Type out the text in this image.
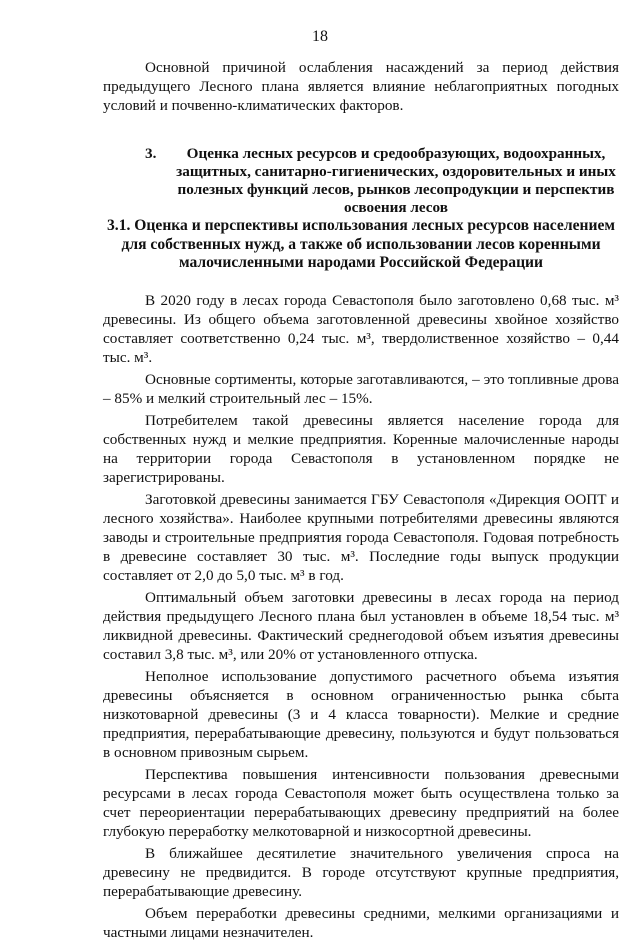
18

Основной причиной ослабления насаждений за период действия предыдущего Лесного плана является влияние неблагоприятных погодных условий и почвенно-климатических факторов.

3.	Оценка лесных ресурсов и средообразующих, водоохранных, защитных, санитарно-гигиенических, оздоровительных и иных полезных функций лесов, рынков лесопродукции и перспектив освоения лесов
3.1. Оценка и перспективы использования лесных ресурсов населением для собственных нужд, а также об использовании лесов коренными малочисленными народами Российской Федерации

В 2020 году в лесах города Севастополя было заготовлено 0,68 тыс. м³ древесины. Из общего объема заготовленной древесины хвойное хозяйство составляет соответственно 0,24 тыс. м³, твердолиственное хозяйство – 0,44 тыс. м³.

Основные сортименты, которые заготавливаются, – это топливные дрова – 85% и мелкий строительный лес – 15%.

Потребителем такой древесины является население города для собственных нужд и мелкие предприятия. Коренные малочисленные народы на территории города Севастополя в установленном порядке не зарегистрированы.

Заготовкой древесины занимается ГБУ Севастополя «Дирекция ООПТ и лесного хозяйства». Наиболее крупными потребителями древесины являются заводы и строительные предприятия города Севастополя. Годовая потребность в древесине составляет 30 тыс. м³. Последние годы выпуск продукции составляет от 2,0 до 5,0 тыс. м³ в год.

Оптимальный объем заготовки древесины в лесах города на период действия предыдущего Лесного плана был установлен в объеме 18,54 тыс. м³ ликвидной древесины. Фактический среднегодовой объем изъятия древесины составил 3,8 тыс. м³, или 20% от установленного отпуска.

Неполное использование допустимого расчетного объема изъятия древесины объясняется в основном ограниченностью рынка сбыта низкотоварной древесины (3 и 4 класса товарности). Мелкие и средние предприятия, перерабатывающие древесину, пользуются и будут пользоваться в основном привозным сырьем.

Перспектива повышения интенсивности пользования древесными ресурсами в лесах города Севастополя может быть осуществлена только за счет переориентации перерабатывающих древесину предприятий на более глубокую переработку мелкотоварной и низкосортной древесины.

В ближайшее десятилетие значительного увеличения спроса на древесину не предвидится. В городе отсутствуют крупные предприятия, перерабатывающие древесину.

Объем переработки древесины средними, мелкими организациями и частными лицами незначителен.
